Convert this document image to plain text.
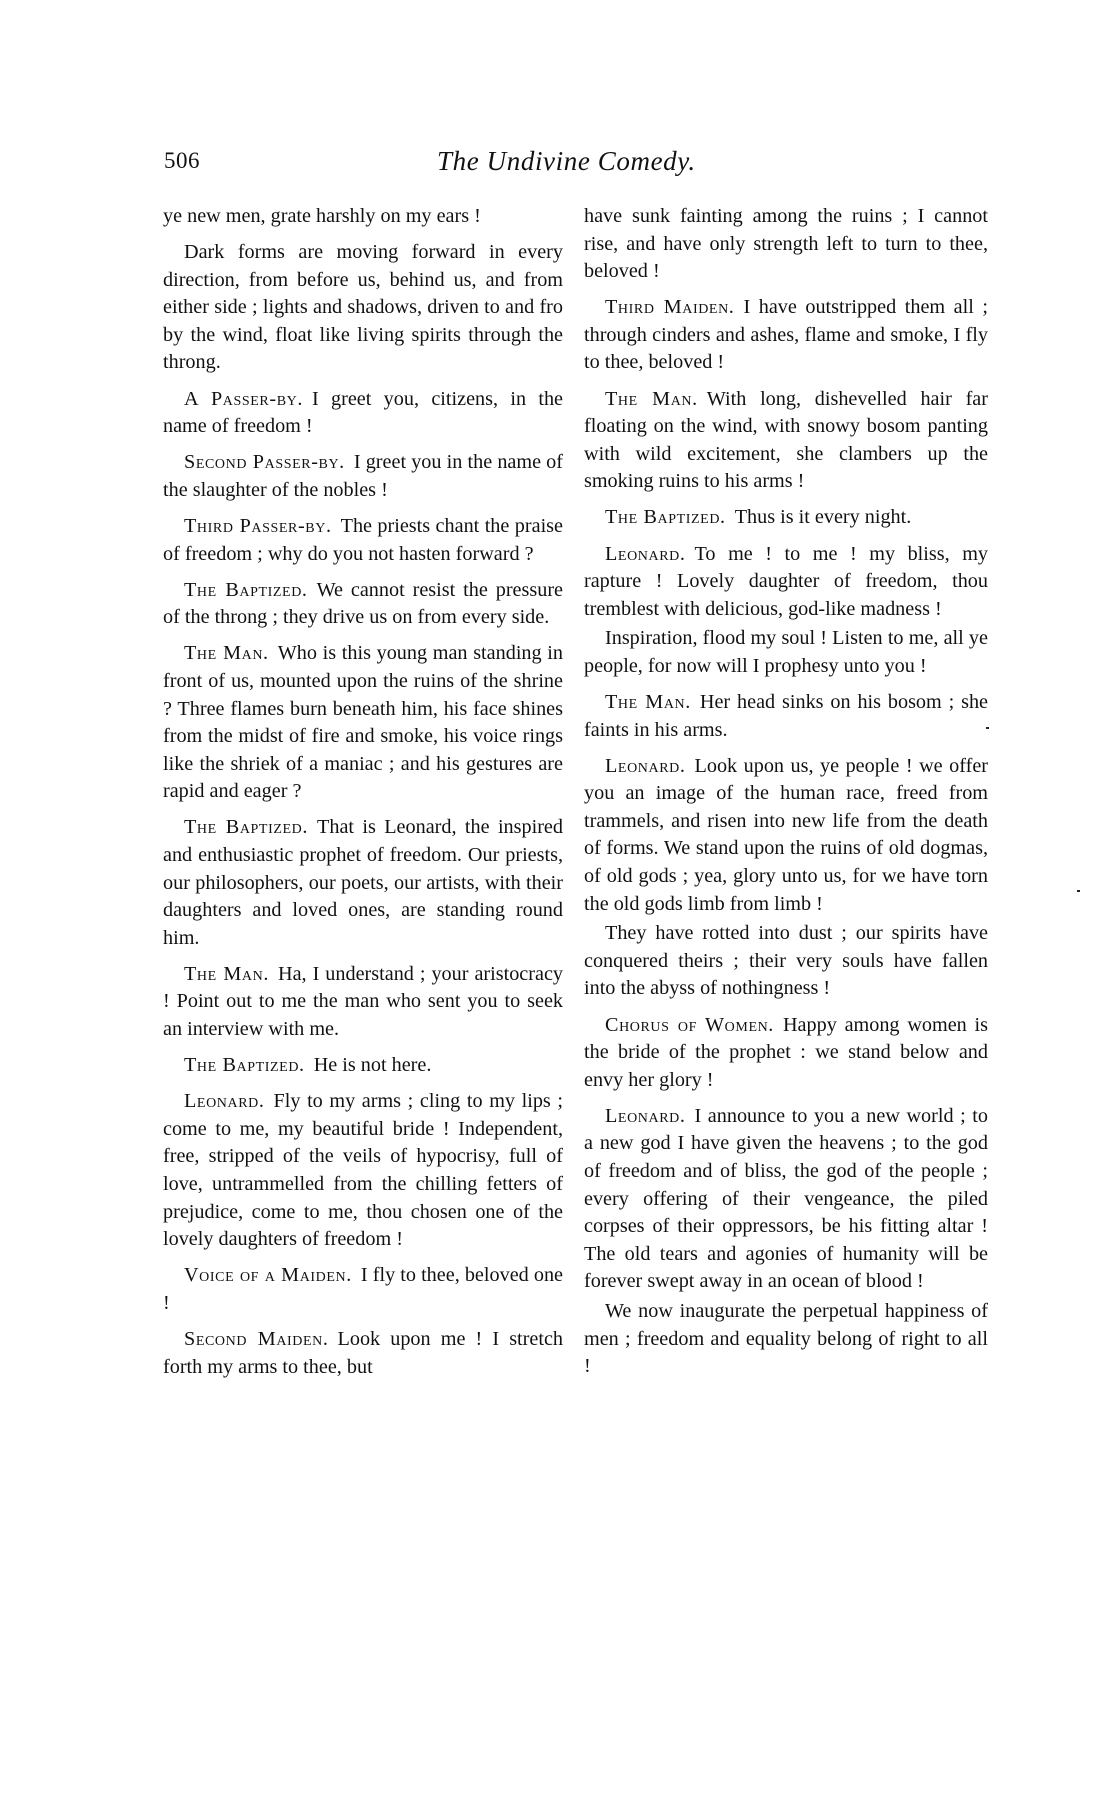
506	The Undivine Comedy.

ye new men, grate harshly on my ears !

Dark forms are moving forward in every direction, from before us, behind us, and from either side ; lights and shadows, driven to and fro by the wind, float like living spirits through the throng.

A Passer-by. I greet you, citizens, in the name of freedom !

Second Passer-by. I greet you in the name of the slaughter of the nobles !

Third Passer-by. The priests chant the praise of freedom ; why do you not hasten forward ?

The Baptized. We cannot resist the pressure of the throng ; they drive us on from every side.

The Man. Who is this young man standing in front of us, mounted upon the ruins of the shrine ? Three flames burn beneath him, his face shines from the midst of fire and smoke, his voice rings like the shriek of a maniac ; and his gestures are rapid and eager ?

The Baptized. That is Leonard, the inspired and enthusiastic prophet of freedom. Our priests, our philosophers, our poets, our artists, with their daughters and loved ones, are standing round him.

The Man. Ha, I understand ; your aristocracy ! Point out to me the man who sent you to seek an interview with me.

The Baptized. He is not here.

Leonard. Fly to my arms ; cling to my lips ; come to me, my beautiful bride ! Independent, free, stripped of the veils of hypocrisy, full of love, untrammelled from the chilling fetters of prejudice, come to me, thou chosen one of the lovely daughters of freedom !

Voice of a Maiden. I fly to thee, beloved one !

Second Maiden. Look upon me ! I stretch forth my arms to thee, but

have sunk fainting among the ruins ; I cannot rise, and have only strength left to turn to thee, beloved !

Third Maiden. I have outstripped them all ; through cinders and ashes, flame and smoke, I fly to thee, beloved !

The Man. With long, dishevelled hair far floating on the wind, with snowy bosom panting with wild excitement, she clambers up the smoking ruins to his arms !

The Baptized. Thus is it every night.

Leonard. To me ! to me ! my bliss, my rapture ! Lovely daughter of freedom, thou tremblest with delicious, god-like madness !

Inspiration, flood my soul ! Listen to me, all ye people, for now will I prophesy unto you !

The Man. Her head sinks on his bosom ; she faints in his arms.

Leonard. Look upon us, ye people ! we offer you an image of the human race, freed from trammels, and risen into new life from the death of forms. We stand upon the ruins of old dogmas, of old gods ; yea, glory unto us, for we have torn the old gods limb from limb !

They have rotted into dust ; our spirits have conquered theirs ; their very souls have fallen into the abyss of nothingness !

Chorus of Women. Happy among women is the bride of the prophet : we stand below and envy her glory !

Leonard. I announce to you a new world ; to a new god I have given the heavens ; to the god of freedom and of bliss, the god of the people ; every offering of their vengeance, the piled corpses of their oppressors, be his fitting altar ! The old tears and agonies of humanity will be forever swept away in an ocean of blood !

We now inaugurate the perpetual happiness of men ; freedom and equality belong of right to all !
